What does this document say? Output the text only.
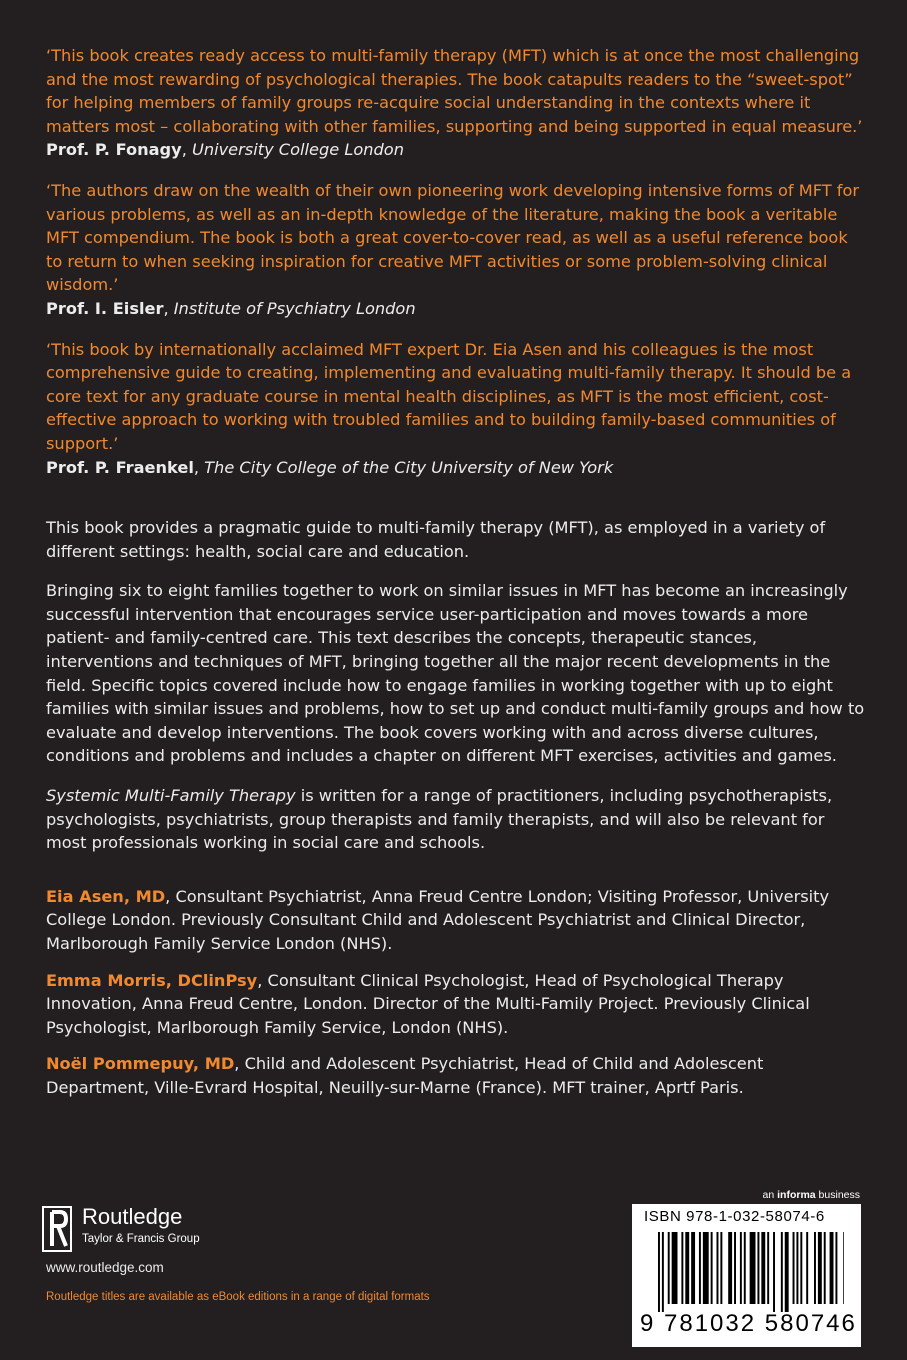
‘This book creates ready access to multi-family therapy (MFT) which is at once the most challenging and the most rewarding of psychological therapies. The book catapults readers to the “sweet-spot” for helping members of family groups re-acquire social understanding in the contexts where it matters most – collaborating with other families, supporting and being supported in equal measure.’

Prof. P. Fonagy, University College London

‘The authors draw on the wealth of their own pioneering work developing intensive forms of MFT for various problems, as well as an in-depth knowledge of the literature, making the book a veritable MFT compendium. The book is both a great cover-to-cover read, as well as a useful reference book to return to when seeking inspiration for creative MFT activities or some problem-solving clinical wisdom.’

Prof. I. Eisler, Institute of Psychiatry London

‘This book by internationally acclaimed MFT expert Dr. Eia Asen and his colleagues is the most comprehensive guide to creating, implementing and evaluating multi-family therapy. It should be a core text for any graduate course in mental health disciplines, as MFT is the most efficient, cost-effective approach to working with troubled families and to building family-based communities of support.’

Prof. P. Fraenkel, The City College of the City University of New York

This book provides a pragmatic guide to multi-family therapy (MFT), as employed in a variety of different settings: health, social care and education.

Bringing six to eight families together to work on similar issues in MFT has become an increasingly successful intervention that encourages service user-participation and moves towards a more patient- and family-centred care. This text describes the concepts, therapeutic stances, interventions and techniques of MFT, bringing together all the major recent developments in the field. Specific topics covered include how to engage families in working together with up to eight families with similar issues and problems, how to set up and conduct multi-family groups and how to evaluate and develop interventions. The book covers working with and across diverse cultures, conditions and problems and includes a chapter on different MFT exercises, activities and games.

Systemic Multi-Family Therapy is written for a range of practitioners, including psychotherapists, psychologists, psychiatrists, group therapists and family therapists, and will also be relevant for most professionals working in social care and schools.

Eia Asen, MD, Consultant Psychiatrist, Anna Freud Centre London; Visiting Professor, University College London. Previously Consultant Child and Adolescent Psychiatrist and Clinical Director, Marlborough Family Service London (NHS).

Emma Morris, DClinPsy, Consultant Clinical Psychologist, Head of Psychological Therapy Innovation, Anna Freud Centre, London. Director of the Multi-Family Project. Previously Clinical Psychologist, Marlborough Family Service, London (NHS).

Noël Pommepuy, MD, Child and Adolescent Psychiatrist, Head of Child and Adolescent Department, Ville-Evrard Hospital, Neuilly-sur-Marne (France). MFT trainer, Aprtf Paris.

Routledge
Taylor & Francis Group
www.routledge.com
Routledge titles are available as eBook editions in a range of digital formats
an informa business
ISBN 978-1-032-58074-6
9 781032 580746
